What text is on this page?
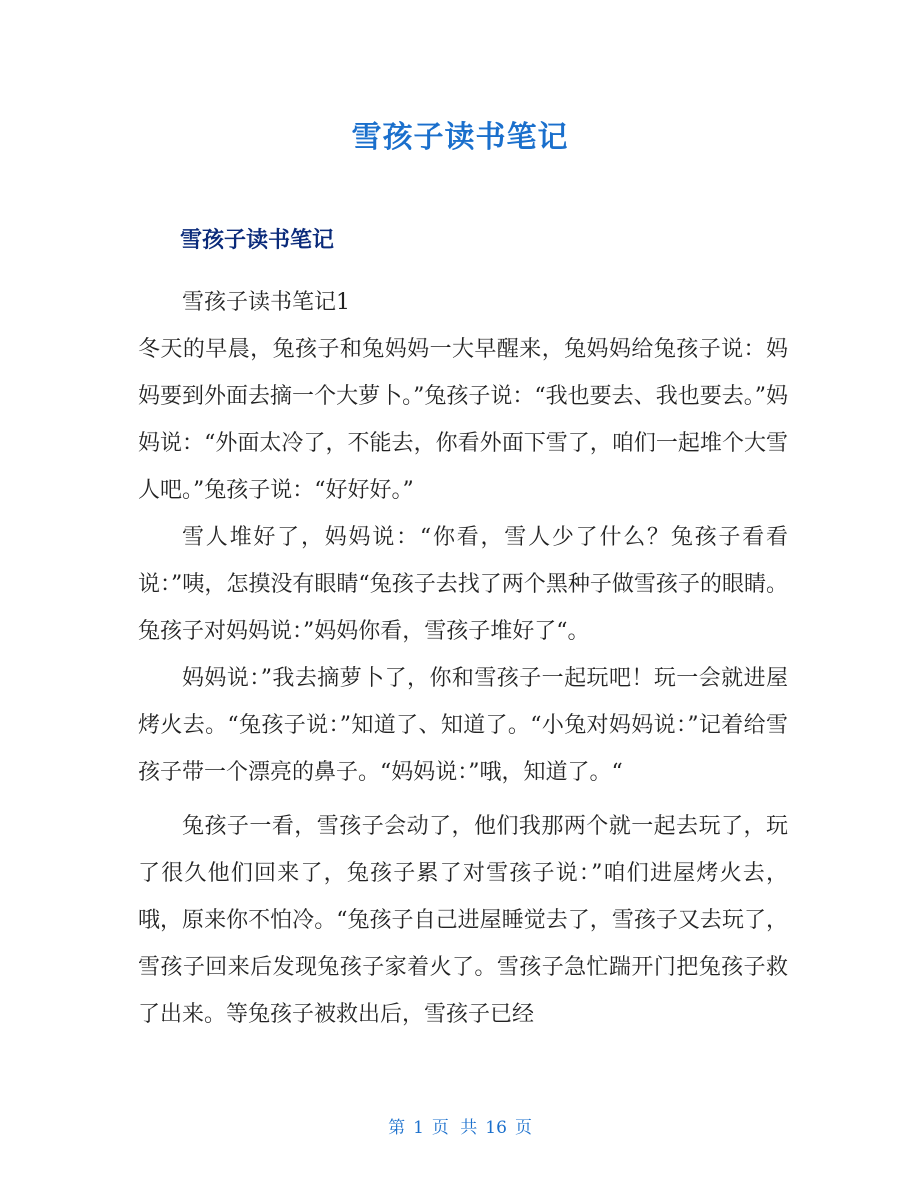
雪孩子读书笔记
雪孩子读书笔记

雪孩子读书笔记1

冬天的早晨，兔孩子和兔妈妈一大早醒来，兔妈妈给兔孩子说：妈妈要到外面去摘一个大萝卜。”兔孩子说：“我也要去、我也要去。”妈妈说：“外面太冷了，不能去，你看外面下雪了，咱们一起堆个大雪人吧。”兔孩子说：“好好好。”

雪人堆好了，妈妈说：“你看，雪人少了什么？兔孩子看看说：”咦，怎摸没有眼睛“兔孩子去找了两个黑种子做雪孩子的眼睛。兔孩子对妈妈说：”妈妈你看，雪孩子堆好了“。

妈妈说：”我去摘萝卜了，你和雪孩子一起玩吧！玩一会就进屋烤火去。“兔孩子说：”知道了、知道了。“小兔对妈妈说：”记着给雪孩子带一个漂亮的鼻子。“妈妈说：”哦，知道了。“

兔孩子一看，雪孩子会动了，他们我那两个就一起去玩了，玩了很久他们回来了，兔孩子累了对雪孩子说：”咱们进屋烤火去，哦，原来你不怕冷。“兔孩子自己进屋睡觉去了，雪孩子又去玩了，雪孩子回来后发现兔孩子家着火了。雪孩子急忙踹开门把兔孩子救了出来。等兔孩子被救出后，雪孩子已经

第 1 页 共 16 页
